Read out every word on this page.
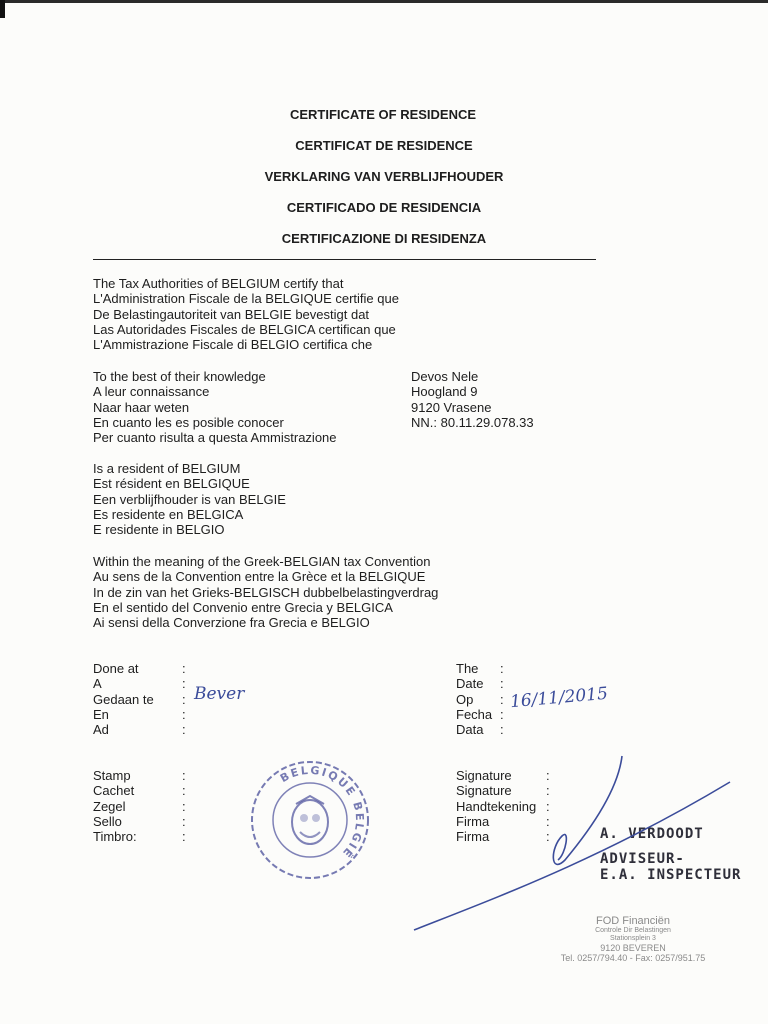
CERTIFICATE OF RESIDENCE
CERTIFICAT DE RESIDENCE
VERKLARING VAN VERBLIJFHOUDER
CERTIFICADO DE RESIDENCIA
CERTIFICAZIONE DI RESIDENZA
The Tax Authorities of BELGIUM certify that
L'Administration Fiscale de la BELGIQUE certifie que
De Belastingautoriteit van BELGIE bevestigt dat
Las Autoridades Fiscales de BELGICA certifican que
L'Ammistrazione Fiscale di BELGIO certifica che
To the best of their knowledge
A leur connaissance
Naar haar weten
En cuanto les es posible conocer
Per cuanto risulta a questa Ammistrazione
Devos Nele
Hoogland 9
9120 Vrasene
NN.: 80.11.29.078.33
Is a resident of BELGIUM
Est résident en BELGIQUE
Een verblijfhouder is van BELGIE
Es residente en BELGICA
E residente in BELGIO
Within the meaning of the Greek-BELGIAN tax Convention
Au sens de la Convention entre la Grèce et la BELGIQUE
In de zin van het Grieks-BELGISCH dubbelbelastingverdrag
En el sentido del Convenio entre Grecia y BELGICA
Ai sensi della Converzione fra Grecia e BELGIO
Done at
A
Gedaan te
En
Ad
:
:
:
:
:
Bever
The
Date
Op
Fecha
Data
:
:
:
:
:
16/11/2015
Stamp
Cachet
Zegel
Sello
Timbro:
:
:
:
:
:
BELGIQUE BELGIË
Signature
Signature
Handtekening
Firma
Firma
:
:
:
:
:	A. VERDOODT
ADVISEUR-
E.A. INSPECTEUR
FOD Financiën
Controle Dir Belastingen
Stationsplein 3
9120 BEVEREN
Tel. 0257/794.40 - Fax: 0257/951.75
